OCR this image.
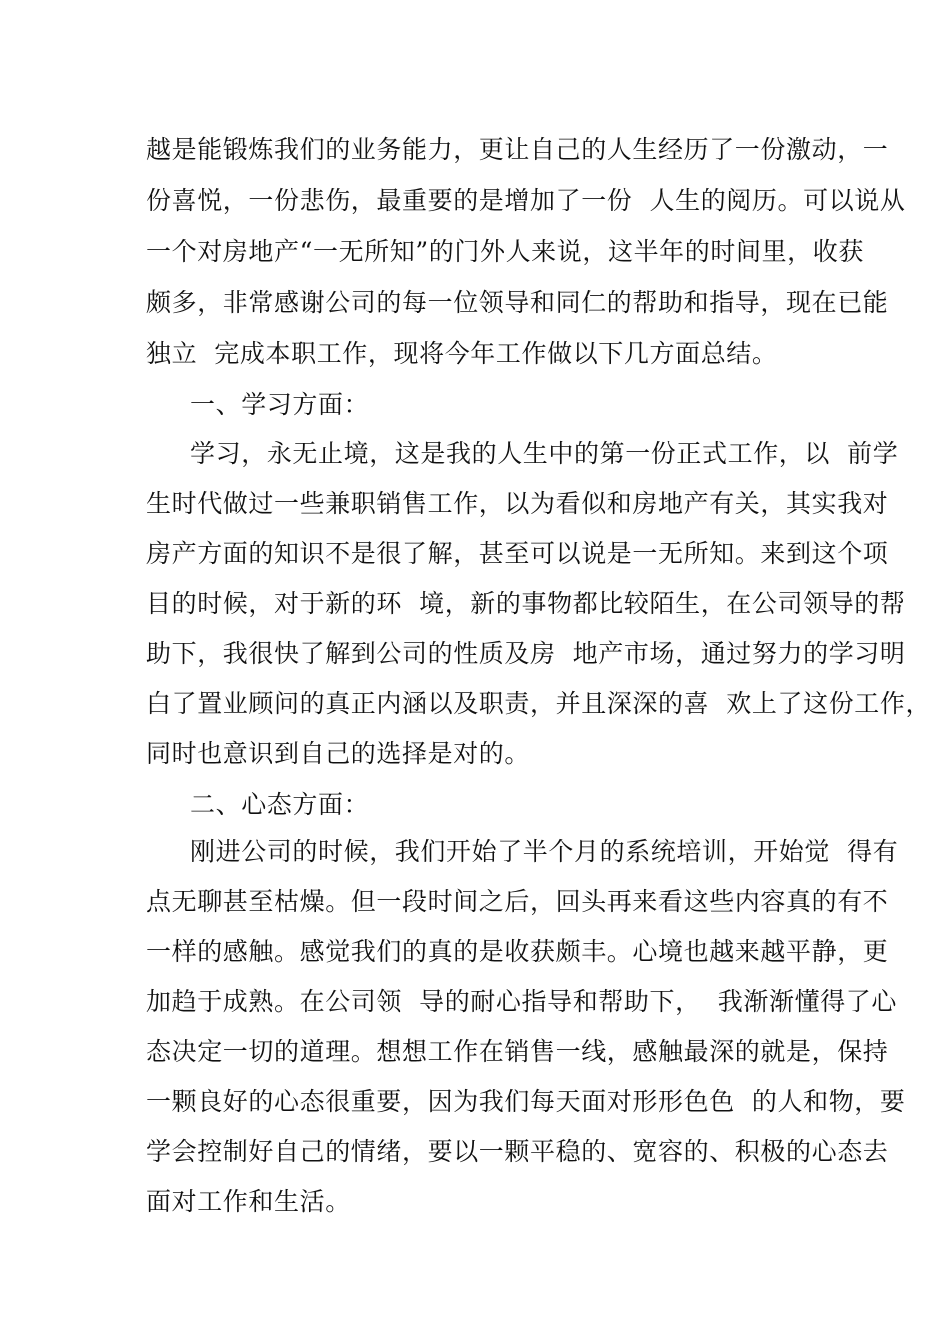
越是能锻炼我们的业务能力，更让自己的人生经历了一份激动，一
份喜悦，一份悲伤，最重要的是增加了一份  人生的阅历。可以说从
一个对房地产“一无所知”的门外人来说，这半年的时间里，收获
颇多，非常感谢公司的每一位领导和同仁的帮助和指导，现在已能
独立  完成本职工作，现将今年工作做以下几方面总结。
一、学习方面：
学习，永无止境，这是我的人生中的第一份正式工作，以  前学
生时代做过一些兼职销售工作，以为看似和房地产有关，其实我对
房产方面的知识不是很了解，甚至可以说是一无所知。来到这个项
目的时候，对于新的环  境，新的事物都比较陌生，在公司领导的帮
助下，我很快了解到公司的性质及房  地产市场，通过努力的学习明
白了置业顾问的真正内涵以及职责，并且深深的喜  欢上了这份工作，
同时也意识到自己的选择是对的。
二、心态方面：
刚进公司的时候，我们开始了半个月的系统培训，开始觉  得有
点无聊甚至枯燥。但一段时间之后，回头再来看这些内容真的有不
一样的感触。感觉我们的真的是收获颇丰。心境也越来越平静，更
加趋于成熟。在公司领  导的耐心指导和帮助下，  我渐渐懂得了心
态决定一切的道理。想想工作在销售一线，感触最深的就是，保持
一颗良好的心态很重要，因为我们每天面对形形色色  的人和物，要
学会控制好自己的情绪，要以一颗平稳的、宽容的、积极的心态去
面对工作和生活。
